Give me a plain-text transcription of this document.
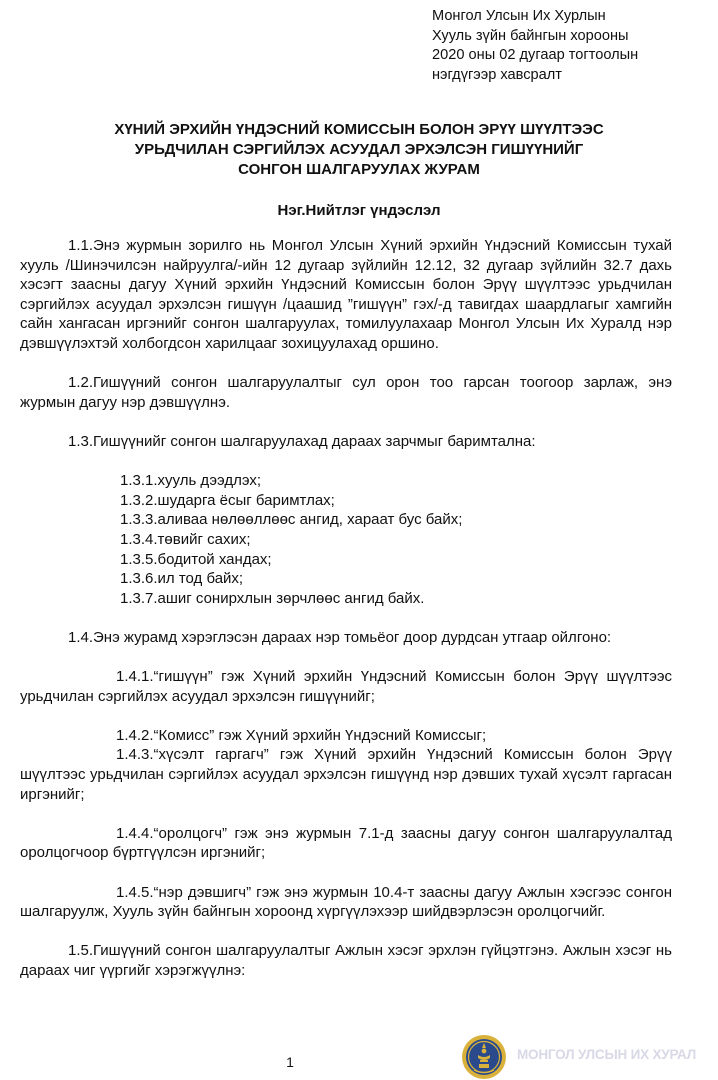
Монгол Улсын Их Хурлын
Хууль зүйн байнгын хорооны
2020 оны 02 дугаар тогтоолын
нэгдүгээр хавсралт
ХҮНИЙ ЭРХИЙН ҮНДЭСНИЙ КОМИССЫН БОЛОН ЭРҮҮ ШҮҮЛТЭЭС
УРЬДЧИЛАН СЭРГИЙЛЭХ АСУУДАЛ ЭРХЭЛСЭН ГИШҮҮНИЙГ
СОНГОН ШАЛГАРУУЛАХ ЖУРАМ
Нэг.Нийтлэг үндэслэл

1.1.Энэ журмын зорилго нь Монгол Улсын Хүний эрхийн Үндэсний Комиссын тухай хууль /Шинэчилсэн найруулга/-ийн 12 дугаар зүйлийн 12.12, 32 дугаар зүйлийн 32.7 дахь хэсэгт заасны дагуу Хүний эрхийн Үндэсний Комиссын болон Эрүү шүүлтээс урьдчилан сэргийлэх асуудал эрхэлсэн гишүүн /цаашид ”гишүүн” гэх/-д тавигдах шаардлагыг хамгийн сайн хангасан иргэнийг сонгон шалгаруулах, томилуулахаар Монгол Улсын Их Хуралд нэр дэвшүүлэхтэй холбогдсон харилцааг зохицуулахад оршино.

1.2.Гишүүний сонгон шалгаруулалтыг сул орон тоо гарсан тоогоор зарлаж, энэ журмын дагуу нэр дэвшүүлнэ.

1.3.Гишүүнийг сонгон шалгаруулахад дараах зарчмыг баримтална:

1.3.1.хууль дээдлэх;
1.3.2.шударга ёсыг баримтлах;
1.3.3.аливаа нөлөөллөөс ангид, хараат бус байх;
1.3.4.төвийг сахих;
1.3.5.бодитой хандах;
1.3.6.ил тод байх;
1.3.7.ашиг сонирхлын зөрчлөөс ангид байх.

1.4.Энэ журамд хэрэглэсэн дараах нэр томьёог доор дурдсан утгаар ойлгоно:

1.4.1.“гишүүн” гэж Хүний эрхийн Үндэсний Комиссын болон Эрүү шүүлтээс урьдчилан сэргийлэх асуудал эрхэлсэн гишүүнийг;

1.4.2.“Комисс” гэж Хүний эрхийн Үндэсний Комиссыг;

1.4.3.“хүсэлт гаргагч” гэж Хүний эрхийн Үндэсний Комиссын болон Эрүү шүүлтээс урьдчилан сэргийлэх асуудал эрхэлсэн гишүүнд нэр дэвших тухай хүсэлт гаргасан иргэнийг;

1.4.4.“оролцогч” гэж энэ журмын 7.1-д заасны дагуу сонгон шалгаруулалтад оролцогчоор бүртгүүлсэн иргэнийг;

1.4.5.“нэр дэвшигч” гэж энэ журмын 10.4-т заасны дагуу Ажлын хэсгээс сонгон шалгаруулж, Хууль зүйн байнгын хороонд хүргүүлэхээр шийдвэрлэсэн оролцогчийг.

1.5.Гишүүний сонгон шалгаруулалтыг Ажлын хэсэг эрхлэн гүйцэтгэнэ. Ажлын хэсэг нь дараах чиг үүргийг хэрэгжүүлнэ:

1	МОНГОЛ УЛСЫН ИХ ХУРАЛ
